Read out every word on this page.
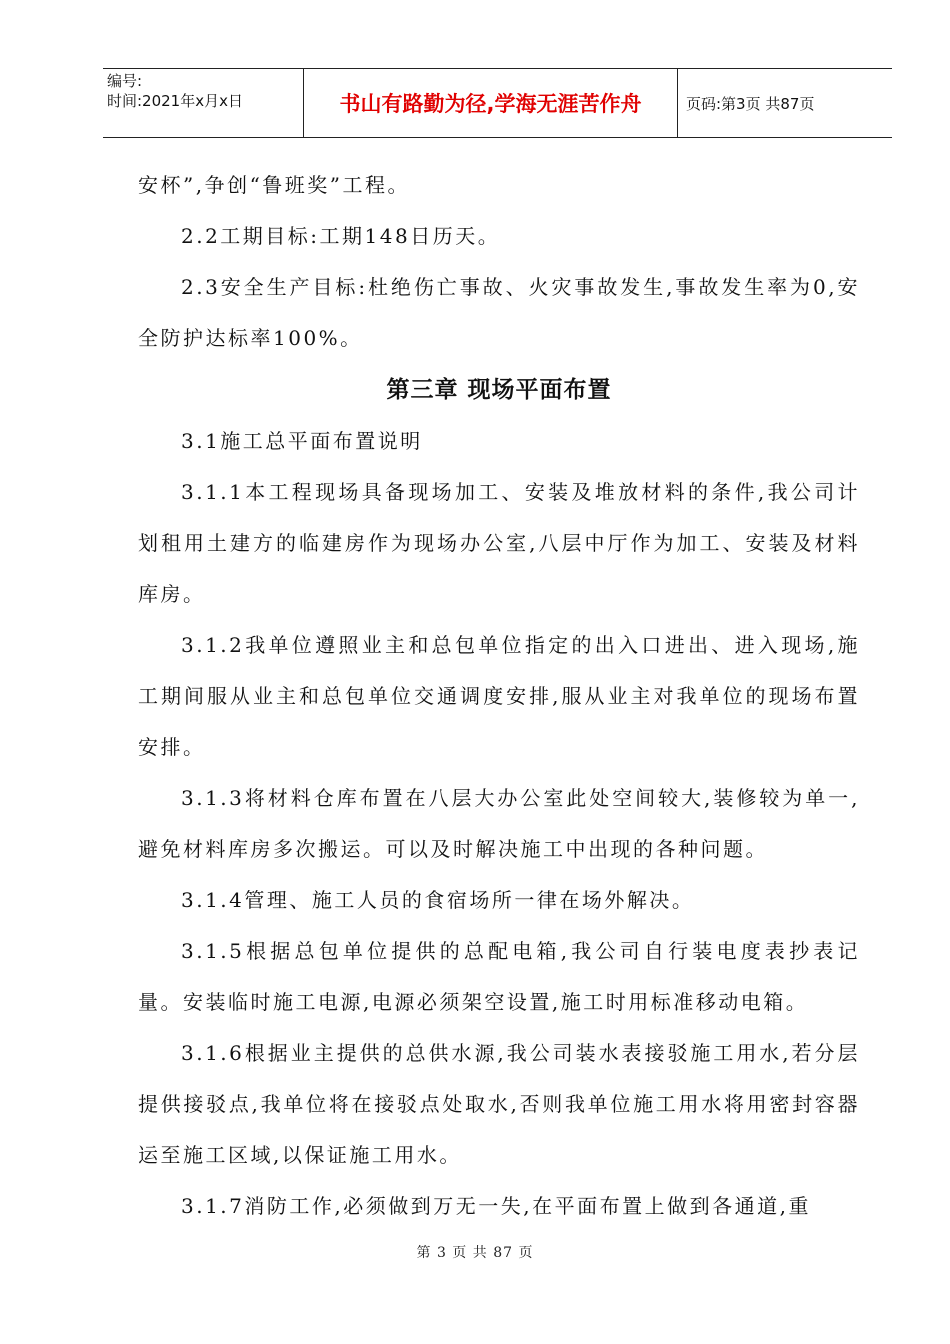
编号:
时间:2021年x月x日	书山有路勤为径,学海无涯苦作舟	页码:第3页 共87页

安杯”,争创“鲁班奖”工程。

2.2工期目标:工期148日历天。

2.3安全生产目标:杜绝伤亡事故、火灾事故发生,事故发生率为0,安全防护达标率100%。

第三章 现场平面布置

3.1施工总平面布置说明

3.1.1本工程现场具备现场加工、安装及堆放材料的条件,我公司计划租用土建方的临建房作为现场办公室,八层中厅作为加工、安装及材料库房。

3.1.2我单位遵照业主和总包单位指定的出入口进出、进入现场,施工期间服从业主和总包单位交通调度安排,服从业主对我单位的现场布置安排。

3.1.3将材料仓库布置在八层大办公室此处空间较大,装修较为单一,避免材料库房多次搬运。可以及时解决施工中出现的各种问题。

3.1.4管理、施工人员的食宿场所一律在场外解决。

3.1.5根据总包单位提供的总配电箱,我公司自行装电度表抄表记量。安装临时施工电源,电源必须架空设置,施工时用标准移动电箱。

3.1.6根据业主提供的总供水源,我公司装水表接驳施工用水,若分层提供接驳点,我单位将在接驳点处取水,否则我单位施工用水将用密封容器运至施工区域,以保证施工用水。

3.1.7消防工作,必须做到万无一失,在平面布置上做到各通道,重

第 3 页 共 87 页
